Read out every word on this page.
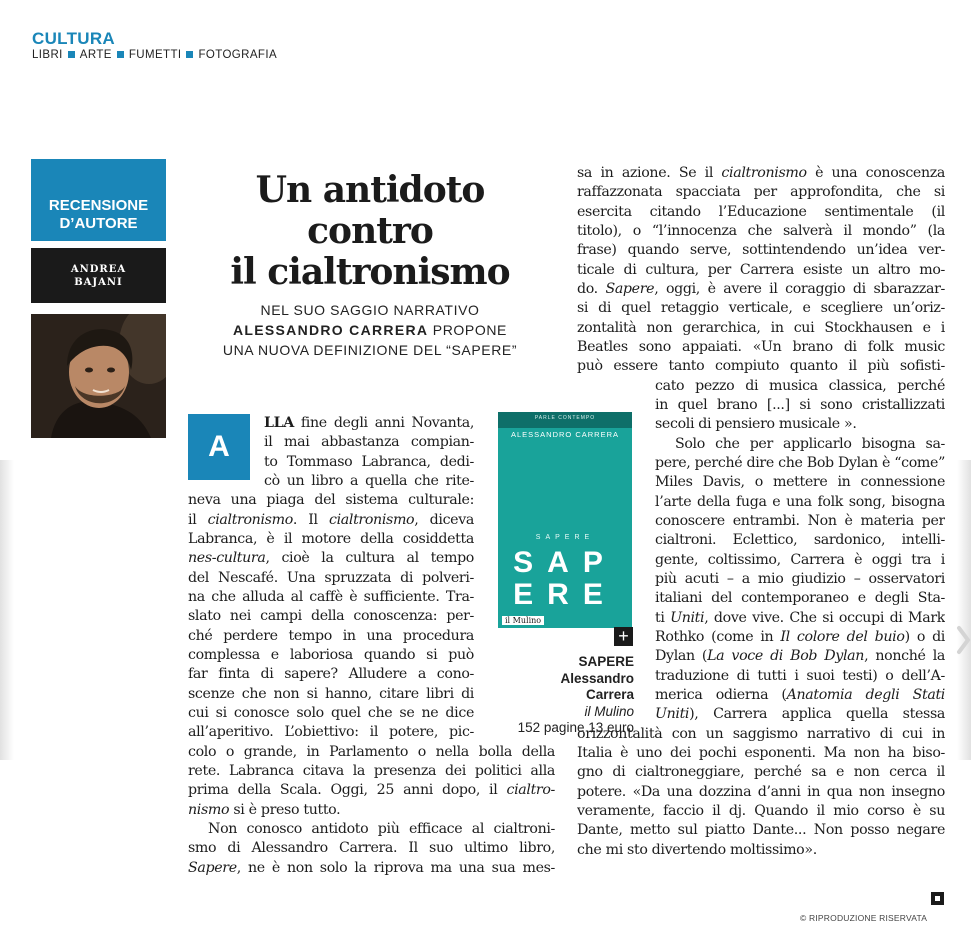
CULTURA
LIBRI ARTE FUMETTI FOTOGRAFIA
RECENSIONE
D’AUTORE
ANDREA
BAJANI
Un antidoto
contro
il cialtronismo
NEL SUO SAGGIO NARRATIVO
ALESSANDRO CARRERA PROPONE
UNA NUOVA DEFINIZIONE DEL “SAPERE”
A
LLA fine degli anni Novanta,
il mai abbastanza compian-
to Tommaso Labranca, dedi-
cò un libro a quella che rite-
neva una piaga del sistema culturale:
il cialtronismo. Il cialtronismo, diceva
Labranca, è il motore della cosiddetta
nes-cultura, cioè la cultura al tempo
del Nescafé. Una spruzzata di polveri-
na che alluda al caffè è sufficiente. Tra-
slato nei campi della conoscenza: per-
ché perdere tempo in una procedura
complessa e laboriosa quando si può
far finta di sapere? Alludere a cono-
scenze che non si hanno, citare libri di
cui si conosce solo quel che se ne dice
all’aperitivo. L’obiettivo: il potere, pic-
colo o grande, in Parlamento o nella bolla della
rete. Labranca citava la presenza dei politici alla
prima della Scala. Oggi, 25 anni dopo, il cialtro-
nismo si è preso tutto.
Non conosco antidoto più efficace al cialtroni-
smo di Alessandro Carrera. Il suo ultimo libro,
Sapere, ne è non solo la riprova ma una sua mes-
sa in azione. Se il cialtronismo è una conoscenza
raffazzonata spacciata per approfondita, che si
esercita citando l’Educazione sentimentale (il
titolo), o “l’innocenza che salverà il mondo” (la
frase) quando serve, sottintendendo un’idea ver-
ticale di cultura, per Carrera esiste un altro mo-
do. Sapere, oggi, è avere il coraggio di sbarazzar-
si di quel retaggio verticale, e scegliere un’oriz-
zontalità non gerarchica, in cui Stockhausen e i
Beatles sono appaiati. «Un brano di folk music
può essere tanto compiuto quanto il più sofisti-
cato pezzo di musica classica, perché
in quel brano [...] si sono cristallizzati
secoli di pensiero musicale ».
Solo che per applicarlo bisogna sa-
pere, perché dire che Bob Dylan è “come”
Miles Davis, o mettere in connessione
l’arte della fuga e una folk song, bisogna
conoscere entrambi. Non è materia per
cialtroni. Eclettico, sardonico, intelli-
gente, coltissimo, Carrera è oggi tra i
più acuti – a mio giudizio – osservatori
italiani del contemporaneo e degli Sta-
ti Uniti, dove vive. Che si occupi di Mark
Rothko (come in Il colore del buio) o di
Dylan (La voce di Bob Dylan, nonché la
traduzione di tutti i suoi testi) o dell’A-
merica odierna (Anatomia degli Stati
Uniti), Carrera applica quella stessa
orizzontalità con un saggismo narrativo di cui in
Italia è uno dei pochi esponenti. Ma non ha biso-
gno di cialtroneggiare, perché sa e non cerca il
potere. «Da una dozzina d’anni in qua non insegno
veramente, faccio il dj. Quando il mio corso è su
Dante, metto sul piatto Dante... Non posso negare
che mi sto divertendo moltissimo».
PARLE CONTEMPO
ALESSANDRO CARRERA
SAPERE
SAP
ERE
il Mulino
+
SAPERE
Alessandro
Carrera
il Mulino
152 pagine 13 euro
© RIPRODUZIONE RISERVATA
